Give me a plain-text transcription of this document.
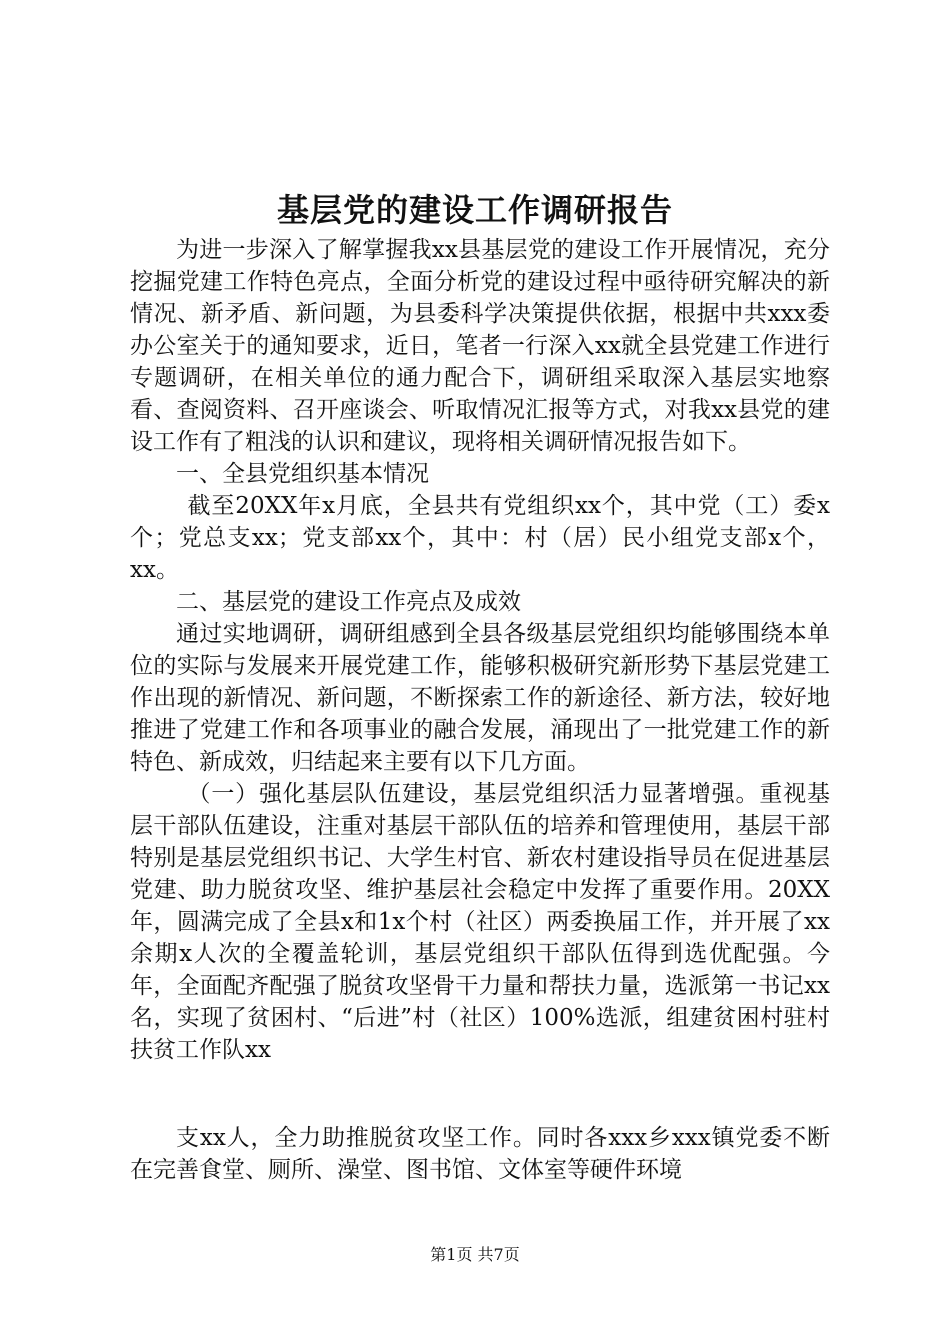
基层党的建设工作调研报告

为进一步深入了解掌握我xx县基层党的建设工作开展情况，充分挖掘党建工作特色亮点，全面分析党的建设过程中亟待研究解决的新情况、新矛盾、新问题，为县委科学决策提供依据，根据中共xxx委办公室关于的通知要求，近日，笔者一行深入xx就全县党建工作进行专题调研，在相关单位的通力配合下，调研组采取深入基层实地察看、查阅资料、召开座谈会、听取情况汇报等方式，对我xx县党的建设工作有了粗浅的认识和建议，现将相关调研情况报告如下。

一、全县党组织基本情况

截至20XX年x月底，全县共有党组织xx个，其中党（工）委x个；党总支xx；党支部xx个，其中：村（居）民小组党支部x个，xx。

二、基层党的建设工作亮点及成效

通过实地调研，调研组感到全县各级基层党组织均能够围绕本单位的实际与发展来开展党建工作，能够积极研究新形势下基层党建工作出现的新情况、新问题，不断探索工作的新途径、新方法，较好地推进了党建工作和各项事业的融合发展，涌现出了一批党建工作的新特色、新成效，归结起来主要有以下几方面。

（一）强化基层队伍建设，基层党组织活力显著增强。重视基层干部队伍建设，注重对基层干部队伍的培养和管理使用，基层干部特别是基层党组织书记、大学生村官、新农村建设指导员在促进基层党建、助力脱贫攻坚、维护基层社会稳定中发挥了重要作用。20XX年，圆满完成了全县x和1x个村（社区）两委换届工作，并开展了xx余期x人次的全覆盖轮训，基层党组织干部队伍得到选优配强。今年，全面配齐配强了脱贫攻坚骨干力量和帮扶力量，选派第一书记xx名，实现了贫困村、“后进”村（社区）100%选派，组建贫困村驻村扶贫工作队xx

支xx人，全力助推脱贫攻坚工作。同时各xxx乡xxx镇党委不断在完善食堂、厕所、澡堂、图书馆、文体室等硬件环境

第1页 共7页
